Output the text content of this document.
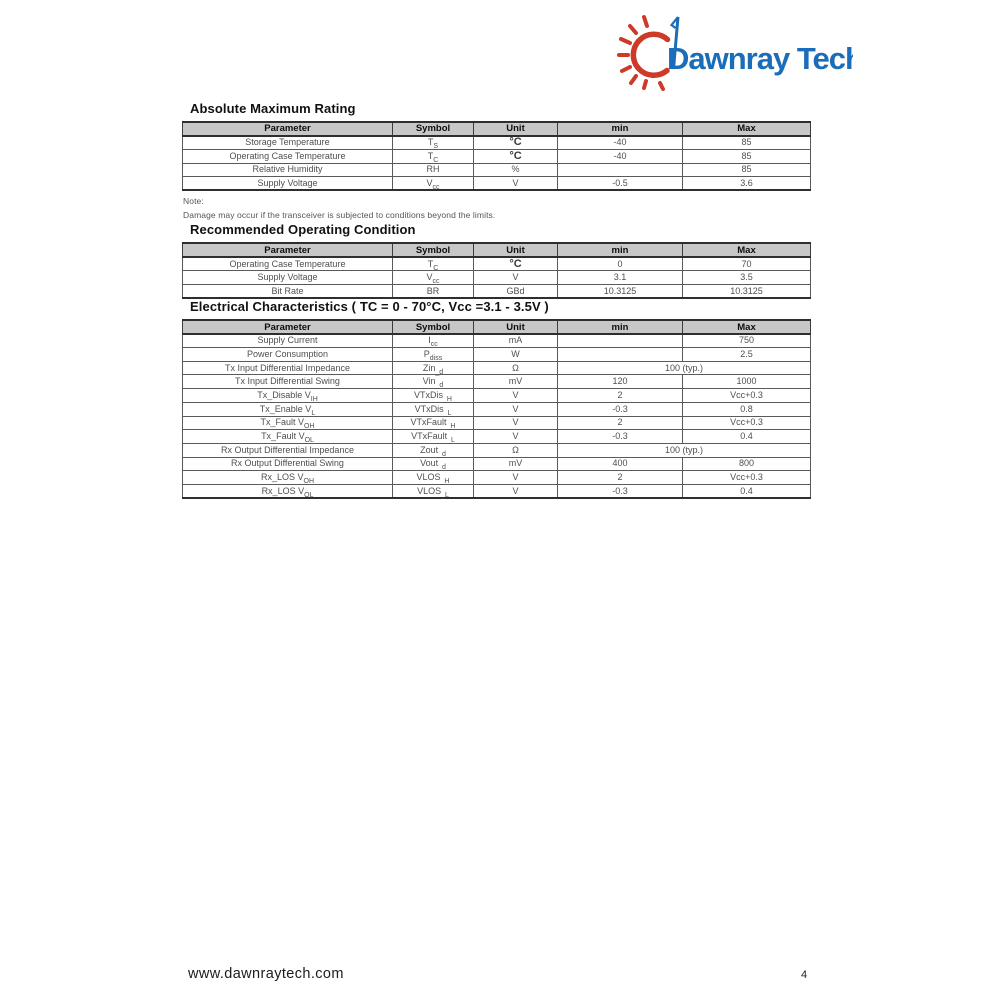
Dawnray Tech
Absolute Maximum Rating
Parameter	Symbol	Unit	min	Max
Storage Temperature	$T_S$	°C	-40	85
Operating Case Temperature	$T_C$	°C	-40	85
Relative Humidity	RH	%		85
Supply Voltage	$V_{cc}$	V	-0.5	3.6
Note:
Damage may occur if the transceiver is subjected to conditions beyond the limits.
Recommended Operating Condition
Parameter	Symbol	Unit	min	Max
Operating Case Temperature	$T_C$	°C	0	70
Supply Voltage	$V_{cc}$	V	3.1	3.5
Bit Rate	BR	GBd	10.3125	10.3125
Electrical Characteristics ( TC = 0 - 70°C, Vcc =3.1 - 3.5V )
Parameter	Symbol	Unit	min	Max
Supply Current	$I_{cc}$	mA		750
Power Consumption	$P_{diss}$	W		2.5
Tx Input Differential Impedance	Zin$_{\_d}$	Ω	100 (typ.)	
Tx Input Differential Swing	Vin$_{\_d}$	mV	120	1000
Tx_Disable $V_{IH}$	VTxDis$_{\_H}$	V	2	Vcc+0.3
Tx_Enable $V_L$	VTxDis$_{\_L}$	V	-0.3	0.8
Tx_Fault $V_{OH}$	VTxFault$_{\_H}$	V	2	Vcc+0.3
Tx_Fault $V_{OL}$	VTxFault$_{\_L}$	V	-0.3	0.4
Rx Output Differential Impedance	Zout$_{\_d}$	Ω	100 (typ.)	
Rx Output Differential Swing	Vout$_{\_d}$	mV	400	800
Rx_LOS $V_{OH}$	$VLOS_{\_H}$	V	2	Vcc+0.3
Rx_LOS $V_{OL}$	$VLOS_{\_L}$	V	-0.3	0.4
www.dawnraytech.com	4
